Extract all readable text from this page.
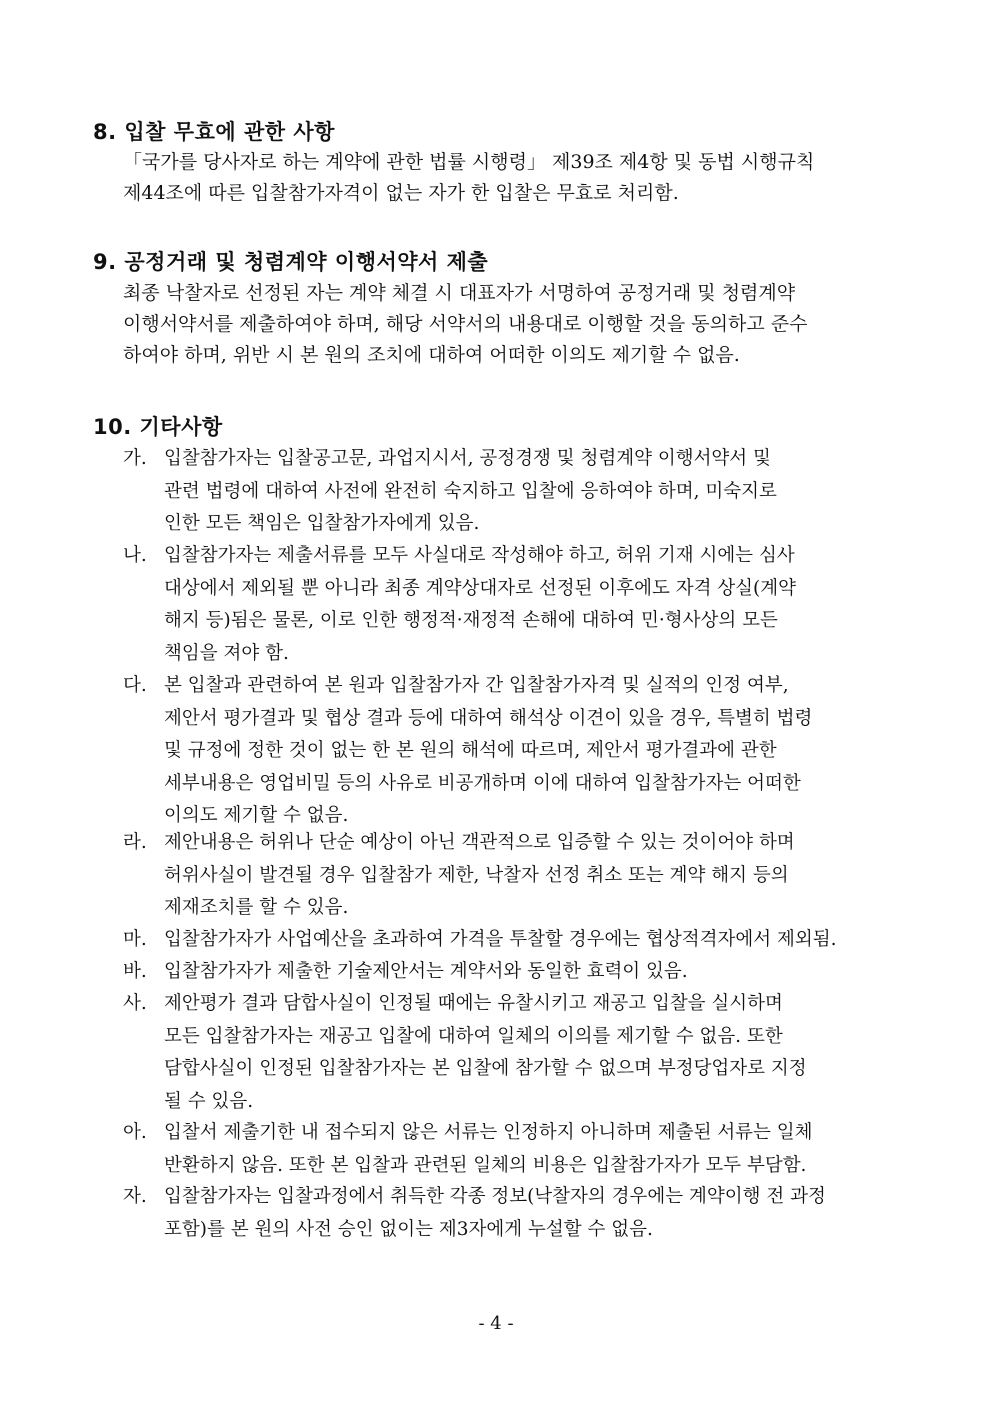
8. 입찰 무효에 관한 사항
「국가를 당사자로 하는 계약에 관한 법률 시행령」 제39조 제4항 및 동법 시행규칙
제44조에 따른 입찰참가자격이 없는 자가 한 입찰은 무효로 처리함.
9. 공정거래 및 청렴계약 이행서약서 제출
최종 낙찰자로 선정된 자는 계약 체결 시 대표자가 서명하여 공정거래 및 청렴계약
이행서약서를 제출하여야 하며, 해당 서약서의 내용대로 이행할 것을 동의하고 준수
하여야 하며, 위반 시 본 원의 조치에 대하여 어떠한 이의도 제기할 수 없음.
10. 기타사항
가. 입찰참가자는 입찰공고문, 과업지시서, 공정경쟁 및 청렴계약 이행서약서 및
관련 법령에 대하여 사전에 완전히 숙지하고 입찰에 응하여야 하며, 미숙지로
인한 모든 책임은 입찰참가자에게 있음.
나. 입찰참가자는 제출서류를 모두 사실대로 작성해야 하고, 허위 기재 시에는 심사
대상에서 제외될 뿐 아니라 최종 계약상대자로 선정된 이후에도 자격 상실(계약
해지 등)됨은 물론, 이로 인한 행정적·재정적 손해에 대하여 민·형사상의 모든
책임을 져야 함.
다. 본 입찰과 관련하여 본 원과 입찰참가자 간 입찰참가자격 및 실적의 인정 여부,
제안서 평가결과 및 협상 결과 등에 대하여 해석상 이견이 있을 경우, 특별히 법령
및 규정에 정한 것이 없는 한 본 원의 해석에 따르며, 제안서 평가결과에 관한
세부내용은 영업비밀 등의 사유로 비공개하며 이에 대하여 입찰참가자는 어떠한
이의도 제기할 수 없음.
라. 제안내용은 허위나 단순 예상이 아닌 객관적으로 입증할 수 있는 것이어야 하며
허위사실이 발견될 경우 입찰참가 제한, 낙찰자 선정 취소 또는 계약 해지 등의
제재조치를 할 수 있음.
마. 입찰참가자가 사업예산을 초과하여 가격을 투찰할 경우에는 협상적격자에서 제외됨.
바. 입찰참가자가 제출한 기술제안서는 계약서와 동일한 효력이 있음.
사. 제안평가 결과 담합사실이 인정될 때에는 유찰시키고 재공고 입찰을 실시하며
모든 입찰참가자는 재공고 입찰에 대하여 일체의 이의를 제기할 수 없음. 또한
담합사실이 인정된 입찰참가자는 본 입찰에 참가할 수 없으며 부정당업자로 지정
될 수 있음.
아. 입찰서 제출기한 내 접수되지 않은 서류는 인정하지 아니하며 제출된 서류는 일체
반환하지 않음. 또한 본 입찰과 관련된 일체의 비용은 입찰참가자가 모두 부담함.
자. 입찰참가자는 입찰과정에서 취득한 각종 정보(낙찰자의 경우에는 계약이행 전 과정
포함)를 본 원의 사전 승인 없이는 제3자에게 누설할 수 없음.
- 4 -
